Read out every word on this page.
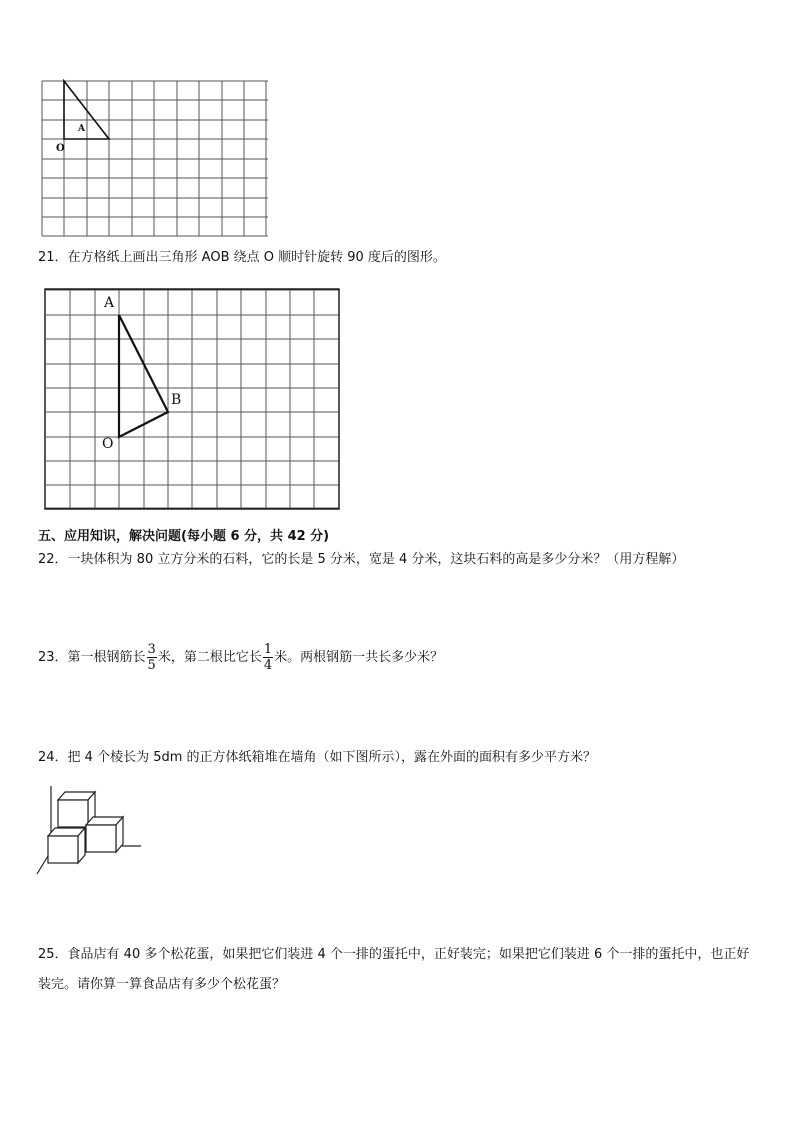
A
O
21．在方格纸上画出三角形 AOB 绕点 O 顺时针旋转 90 度后的图形。
A
B
O
五、应用知识，解决问题(每小题 6 分，共 42 分)
22．一块体积为 80 立方分米的石料，它的长是 5 分米，宽是 4 分米，这块石料的高是多少分米？（用方程解）
23．第一根钢筋长 $\frac{3}{5}$ 米，第二根比它长 $\frac{1}{4}$ 米。两根钢筋一共长多少米？
24．把 4 个棱长为 5dm 的正方体纸箱堆在墙角（如下图所示），露在外面的面积有多少平方米？
25．食品店有 40 多个松花蛋，如果把它们装进 4 个一排的蛋托中，正好装完；如果把它们装进 6 个一排的蛋托中，也正好装完。请你算一算食品店有多少个松花蛋？
